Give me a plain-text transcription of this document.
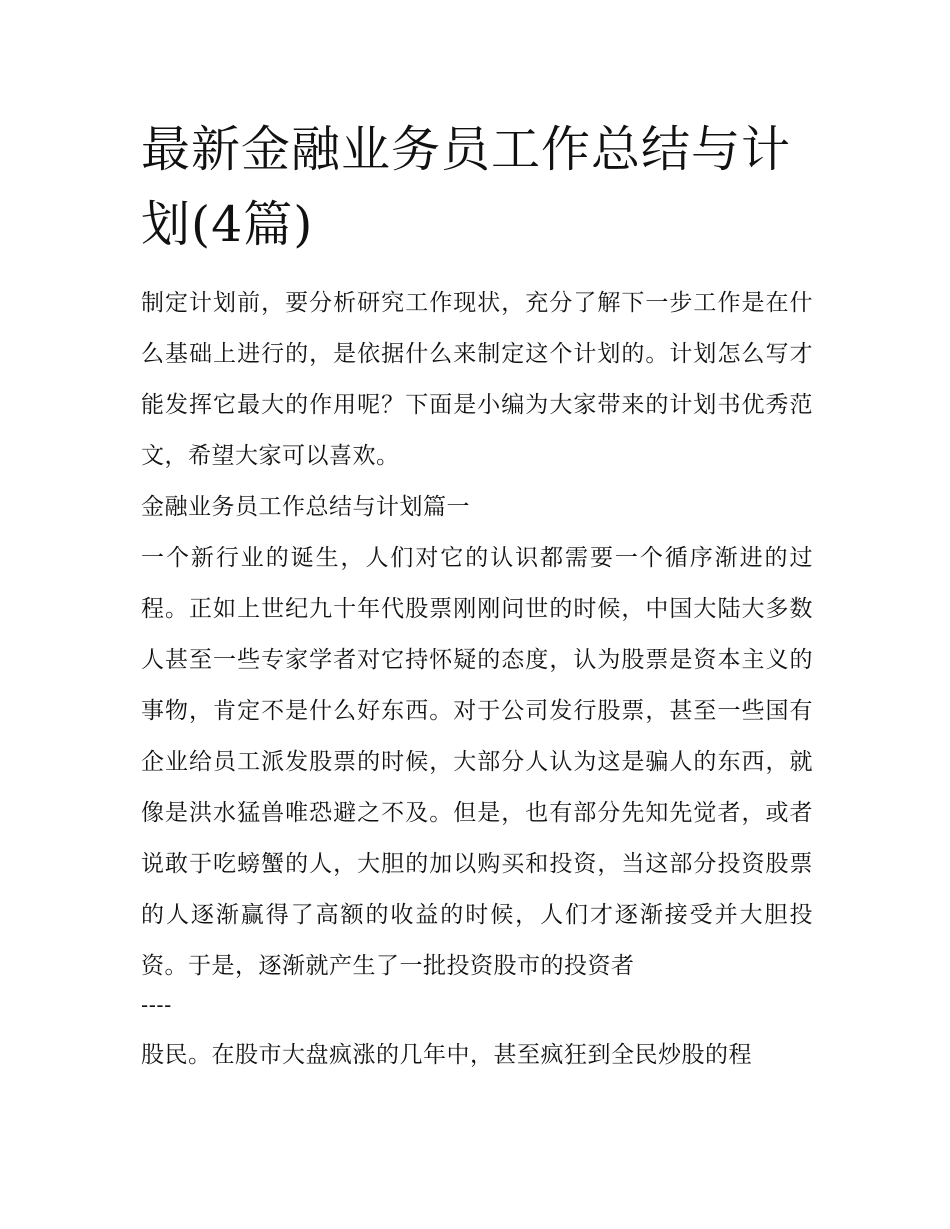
最新金融业务员工作总结与计划(4篇)

制定计划前，要分析研究工作现状，充分了解下一步工作是在什么基础上进行的，是依据什么来制定这个计划的。计划怎么写才能发挥它最大的作用呢？下面是小编为大家带来的计划书优秀范文，希望大家可以喜欢。

金融业务员工作总结与计划篇一

一个新行业的诞生，人们对它的认识都需要一个循序渐进的过程。正如上世纪九十年代股票刚刚问世的时候，中国大陆大多数人甚至一些专家学者对它持怀疑的态度，认为股票是资本主义的事物，肯定不是什么好东西。对于公司发行股票，甚至一些国有企业给员工派发股票的时候，大部分人认为这是骗人的东西，就像是洪水猛兽唯恐避之不及。但是，也有部分先知先觉者，或者说敢于吃螃蟹的人，大胆的加以购买和投资，当这部分投资股票的人逐渐赢得了高额的收益的时候，人们才逐渐接受并大胆投资。于是，逐渐就产生了一批投资股市的投资者

----

股民。在股市大盘疯涨的几年中，甚至疯狂到全民炒股的程
